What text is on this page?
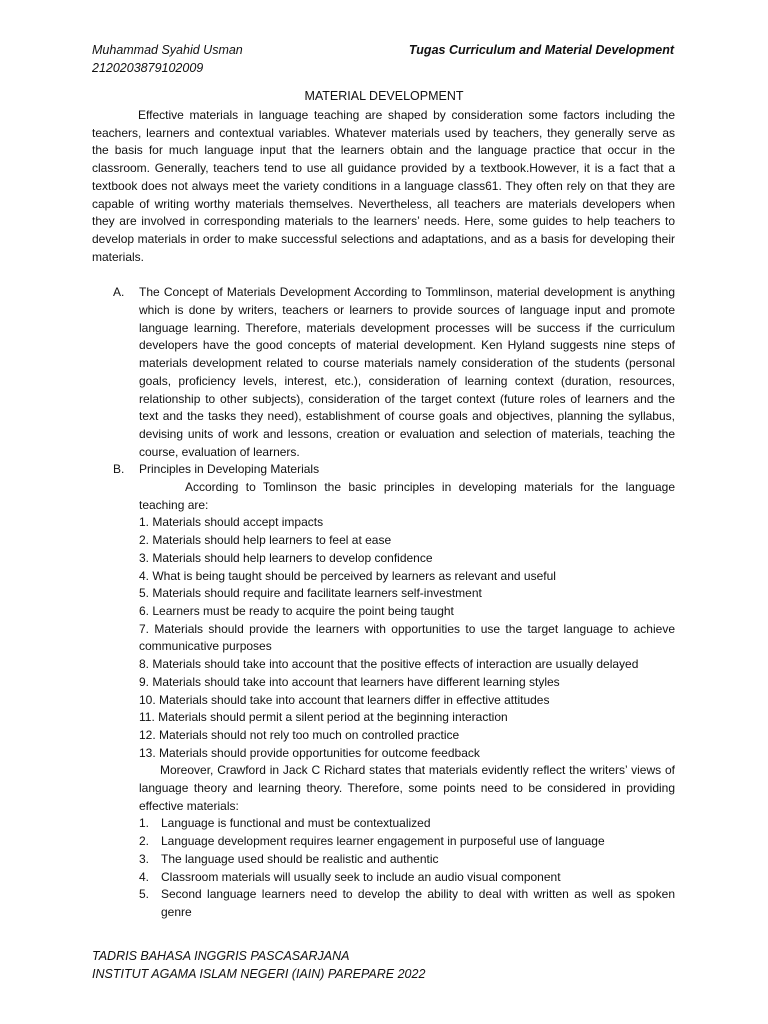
Muhammad Syahid Usman
2120203879102009
Tugas Curriculum and Material Development
MATERIAL DEVELOPMENT

Effective materials in language teaching are shaped by consideration some factors including the teachers, learners and contextual variables. Whatever materials used by teachers, they generally serve as the basis for much language input that the learners obtain and the language practice that occur in the classroom. Generally, teachers tend to use all guidance provided by a textbook.However, it is a fact that a textbook does not always meet the variety conditions in a language class61. They often rely on that they are capable of writing worthy materials themselves. Nevertheless, all teachers are materials developers when they are involved in corresponding materials to the learners’ needs. Here, some guides to help teachers to develop materials in order to make successful selections and adaptations, and as a basis for developing their materials.

A. The Concept of Materials Development According to Tommlinson, material development is anything which is done by writers, teachers or learners to provide sources of language input and promote language learning. Therefore, materials development processes will be success if the curriculum developers have the good concepts of material development. Ken Hyland suggests nine steps of materials development related to course materials namely consideration of the students (personal goals, proficiency levels, interest, etc.), consideration of learning context (duration, resources, relationship to other subjects), consideration of the target context (future roles of learners and the text and the tasks they need), establishment of course goals and objectives, planning the syllabus, devising units of work and lessons, creation or evaluation and selection of materials, teaching the course, evaluation of learners.

B. Principles in Developing Materials

According to Tomlinson the basic principles in developing materials for the language teaching are:

1. Materials should accept impacts

2. Materials should help learners to feel at ease

3. Materials should help learners to develop confidence

4. What is being taught should be perceived by learners as relevant and useful

5. Materials should require and facilitate learners self-investment

6. Learners must be ready to acquire the point being taught

7. Materials should provide the learners with opportunities to use the target language to achieve communicative purposes

8. Materials should take into account that the positive effects of interaction are usually delayed

9. Materials should take into account that learners have different learning styles

10. Materials should take into account that learners differ in effective attitudes

11. Materials should permit a silent period at the beginning interaction

12. Materials should not rely too much on controlled practice

13. Materials should provide opportunities for outcome feedback

Moreover, Crawford in Jack C Richard states that materials evidently reflect the writers’ views of language theory and learning theory. Therefore, some points need to be considered in providing effective materials:

1. Language is functional and must be contextualized

2. Language development requires learner engagement in purposeful use of language

3. The language used should be realistic and authentic

4. Classroom materials will usually seek to include an audio visual component

5. Second language learners need to develop the ability to deal with written as well as spoken genre

TADRIS BAHASA INGGRIS PASCASARJANA
INSTITUT AGAMA ISLAM NEGERI (IAIN) PAREPARE 2022
